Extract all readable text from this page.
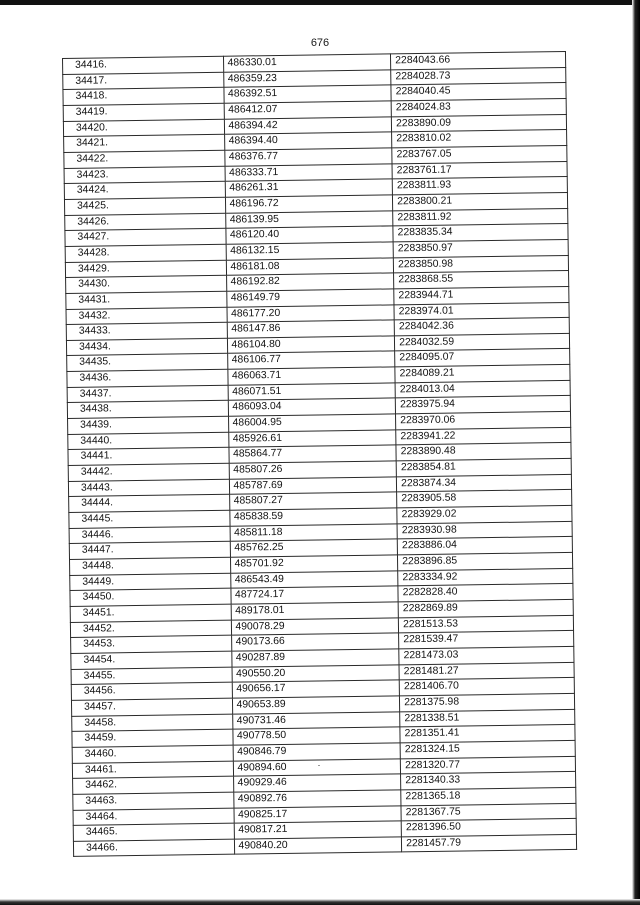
676
34416.	486330.01	2284043.66
34417.	486359.23	2284028.73
34418.	486392.51	2284040.45
34419.	486412.07	2284024.83
34420.	486394.42	2283890.09
34421.	486394.40	2283810.02
34422.	486376.77	2283767.05
34423.	486333.71	2283761.17
34424.	486261.31	2283811.93
34425.	486196.72	2283800.21
34426.	486139.95	2283811.92
34427.	486120.40	2283835.34
34428.	486132.15	2283850.97
34429.	486181.08	2283850.98
34430.	486192.82	2283868.55
34431.	486149.79	2283944.71
34432.	486177.20	2283974.01
34433.	486147.86	2284042.36
34434.	486104.80	2284032.59
34435.	486106.77	2284095.07
34436.	486063.71	2284089.21
34437.	486071.51	2284013.04
34438.	486093.04	2283975.94
34439.	486004.95	2283970.06
34440.	485926.61	2283941.22
34441.	485864.77	2283890.48
34442.	485807.26	2283854.81
34443.	485787.69	2283874.34
34444.	485807.27	2283905.58
34445.	485838.59	2283929.02
34446.	485811.18	2283930.98
34447.	485762.25	2283886.04
34448.	485701.92	2283896.85
34449.	486543.49	2283334.92
34450.	487724.17	2282828.40
34451.	489178.01	2282869.89
34452.	490078.29	2281513.53
34453.	490173.66	2281539.47
34454.	490287.89	2281473.03
34455.	490550.20	2281481.27
34456.	490656.17	2281406.70
34457.	490653.89	2281375.98
34458.	490731.46	2281338.51
34459.	490778.50	2281351.41
34460.	490846.79	2281324.15
34461.	490894.60	2281320.77
34462.	490929.46	2281340.33
34463.	490892.76	2281365.18
34464.	490825.17	2281367.75
34465.	490817.21	2281396.50
34466.	490840.20	2281457.79
